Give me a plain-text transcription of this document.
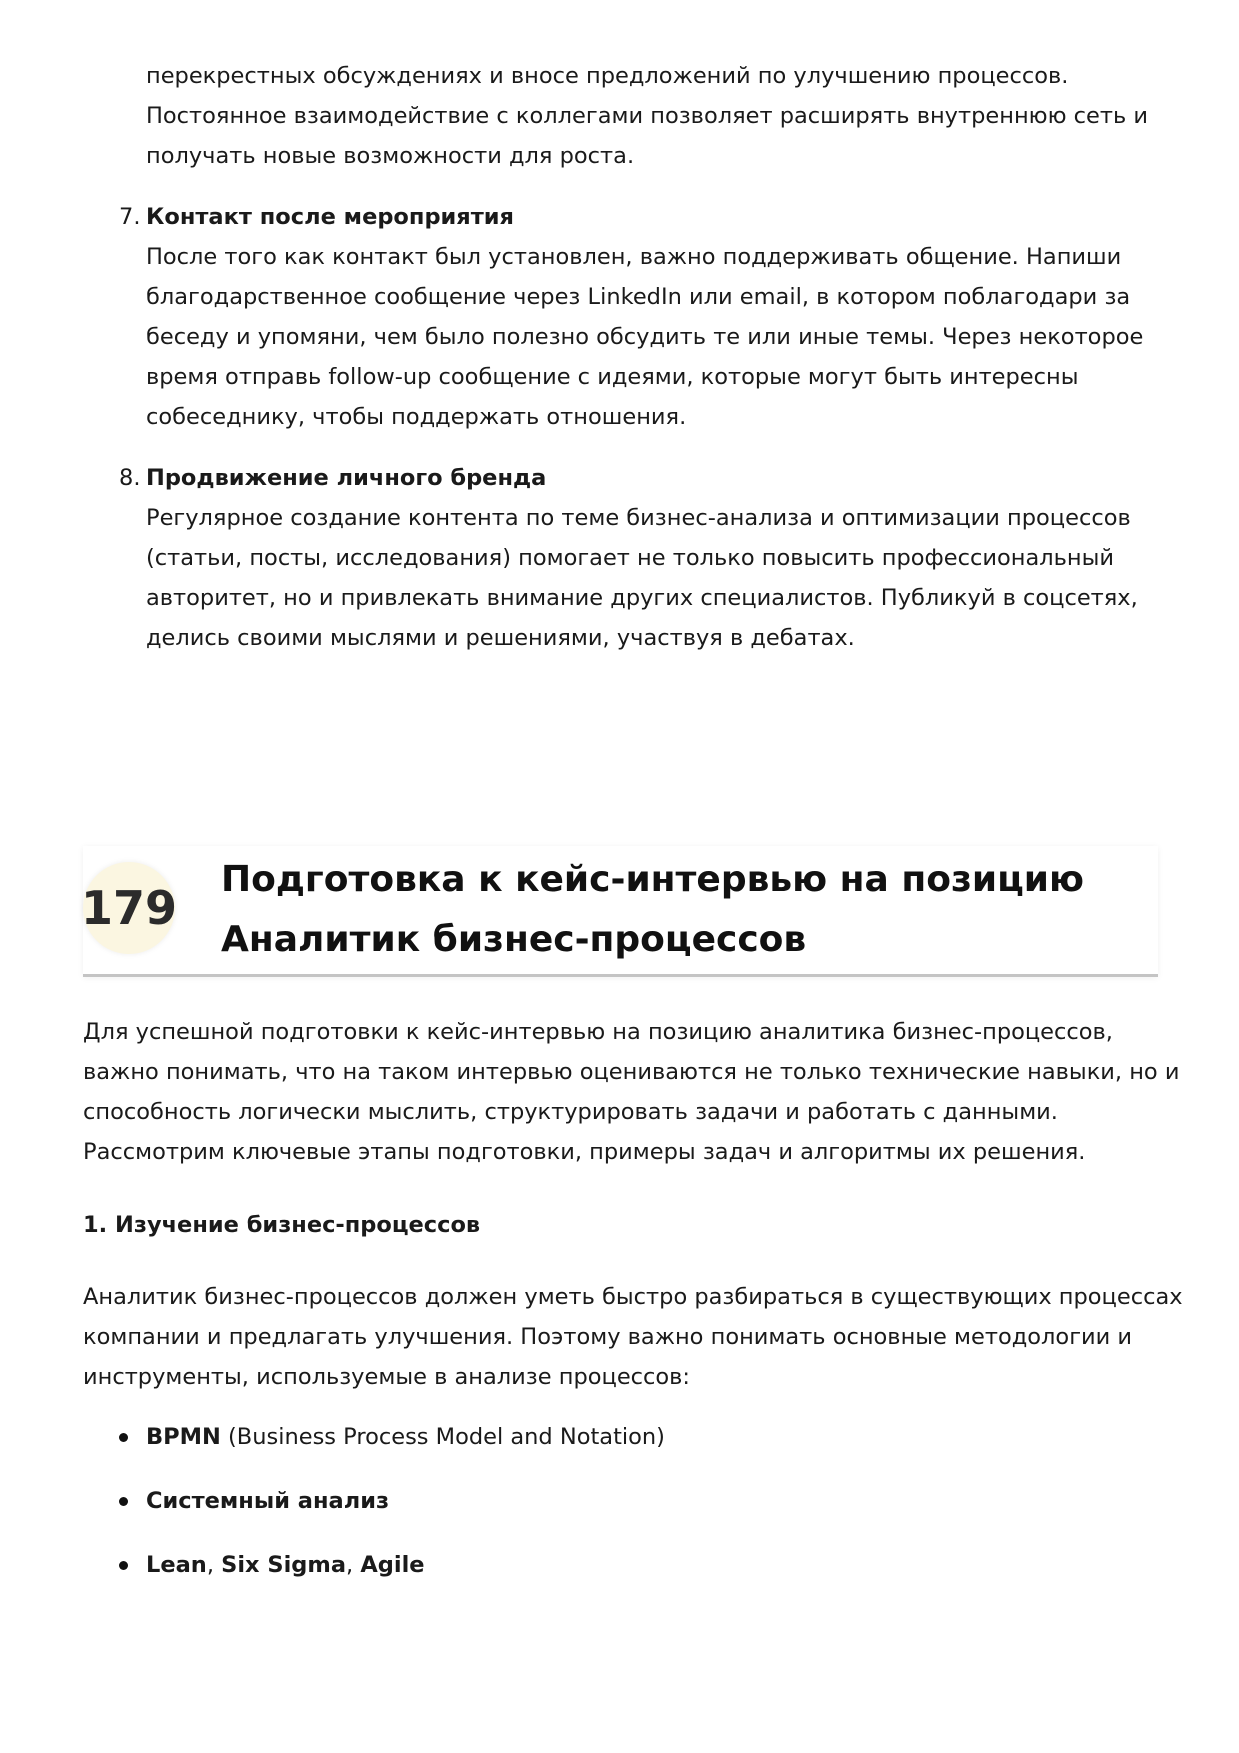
перекрестных обсуждениях и вносе предложений по улучшению процессов.
Постоянное взаимодействие с коллегами позволяет расширять внутреннюю сеть и
получать новые возможности для роста.
7. Контакт после мероприятия
После того как контакт был установлен, важно поддерживать общение. Напиши
благодарственное сообщение через LinkedIn или email, в котором поблагодари за
беседу и упомяни, чем было полезно обсудить те или иные темы. Через некоторое
время отправь follow-up сообщение с идеями, которые могут быть интересны
собеседнику, чтобы поддержать отношения.
8. Продвижение личного бренда
Регулярное создание контента по теме бизнес-анализа и оптимизации процессов
(статьи, посты, исследования) помогает не только повысить профессиональный
авторитет, но и привлекать внимание других специалистов. Публикуй в соцсетях,
делись своими мыслями и решениями, участвуя в дебатах.
179
Подготовка к кейс-интервью на позицию
Аналитик бизнес-процессов
Для успешной подготовки к кейс-интервью на позицию аналитика бизнес-процессов,
важно понимать, что на таком интервью оцениваются не только технические навыки, но и
способность логически мыслить, структурировать задачи и работать с данными.
Рассмотрим ключевые этапы подготовки, примеры задач и алгоритмы их решения.
1. Изучение бизнес-процессов
Аналитик бизнес-процессов должен уметь быстро разбираться в существующих процессах
компании и предлагать улучшения. Поэтому важно понимать основные методологии и
инструменты, используемые в анализе процессов:
BPMN (Business Process Model and Notation)
Системный анализ
Lean, Six Sigma, Agile
